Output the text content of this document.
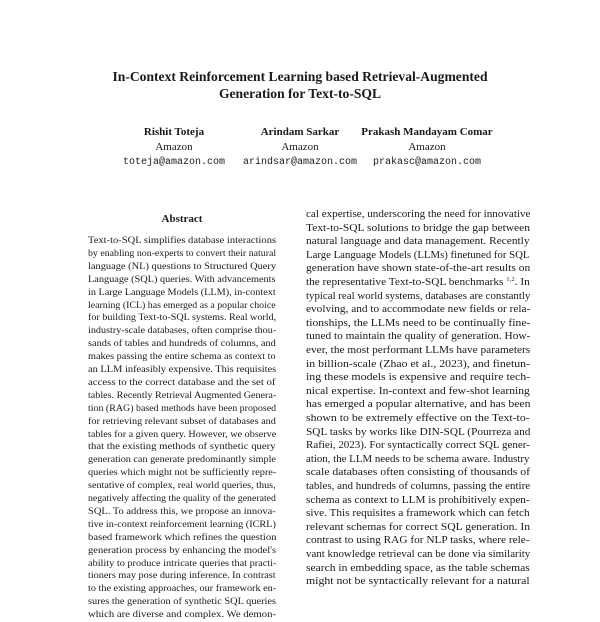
In-Context Reinforcement Learning based Retrieval-Augmented
Generation for Text-to-SQL
Rishit Toteja
Amazon
toteja@amazon.com
Arindam Sarkar
Amazon
arindsar@amazon.com
Prakash Mandayam Comar
Amazon
prakasc@amazon.com
Abstract
Text-to-SQL simplifies database interactions
by enabling non-experts to convert their natural
language (NL) questions to Structured Query
Language (SQL) queries. With advancements
in Large Language Models (LLM), in-context
learning (ICL) has emerged as a popular choice
for building Text-to-SQL systems. Real world,
industry-scale databases, often comprise thou-
sands of tables and hundreds of columns, and
makes passing the entire schema as context to
an LLM infeasibly expensive. This requisites
access to the correct database and the set of
tables. Recently Retrieval Augmented Genera-
tion (RAG) based methods have been proposed
for retrieving relevant subset of databases and
tables for a given query. However, we observe
that the existing methods of synthetic query
generation can generate predominantly simple
queries which might not be sufficiently repre-
sentative of complex, real world queries, thus,
negatively affecting the quality of the generated
SQL. To address this, we propose an innova-
tive in-context reinforcement learning (ICRL)
based framework which refines the question
generation process by enhancing the model's
ability to produce intricate queries that practi-
tioners may pose during inference. In contrast
to the existing approaches, our framework en-
sures the generation of synthetic SQL queries
which are diverse and complex. We demon-
cal expertise, underscoring the need for innovative
Text-to-SQL solutions to bridge the gap between
natural language and data management. Recently
Large Language Models (LLMs) finetuned for SQL
generation have shown state-of-the-art results on
the representative Text-to-SQL benchmarks $^{1,2}$. In
typical real world systems, databases are constantly
evolving, and to accommodate new fields or rela-
tionships, the LLMs need to be continually fine-
tuned to maintain the quality of generation. How-
ever, the most performant LLMs have parameters
in billion-scale (Zhao et al., 2023), and finetun-
ing these models is expensive and require tech-
nical expertise. In-context and few-shot learning
has emerged a popular alternative, and has been
shown to be extremely effective on the Text-to-
SQL tasks by works like DIN-SQL (Pourreza and
Rafiei, 2023). For syntactically correct SQL gener-
ation, the LLM needs to be schema aware. Industry
scale databases often consisting of thousands of
tables, and hundreds of columns, passing the entire
schema as context to LLM is prohibitively expen-
sive. This requisites a framework which can fetch
relevant schemas for correct SQL generation. In
contrast to using RAG for NLP tasks, where rele-
vant knowledge retrieval can be done via similarity
search in embedding space, as the table schemas
might not be syntactically relevant for a natural
